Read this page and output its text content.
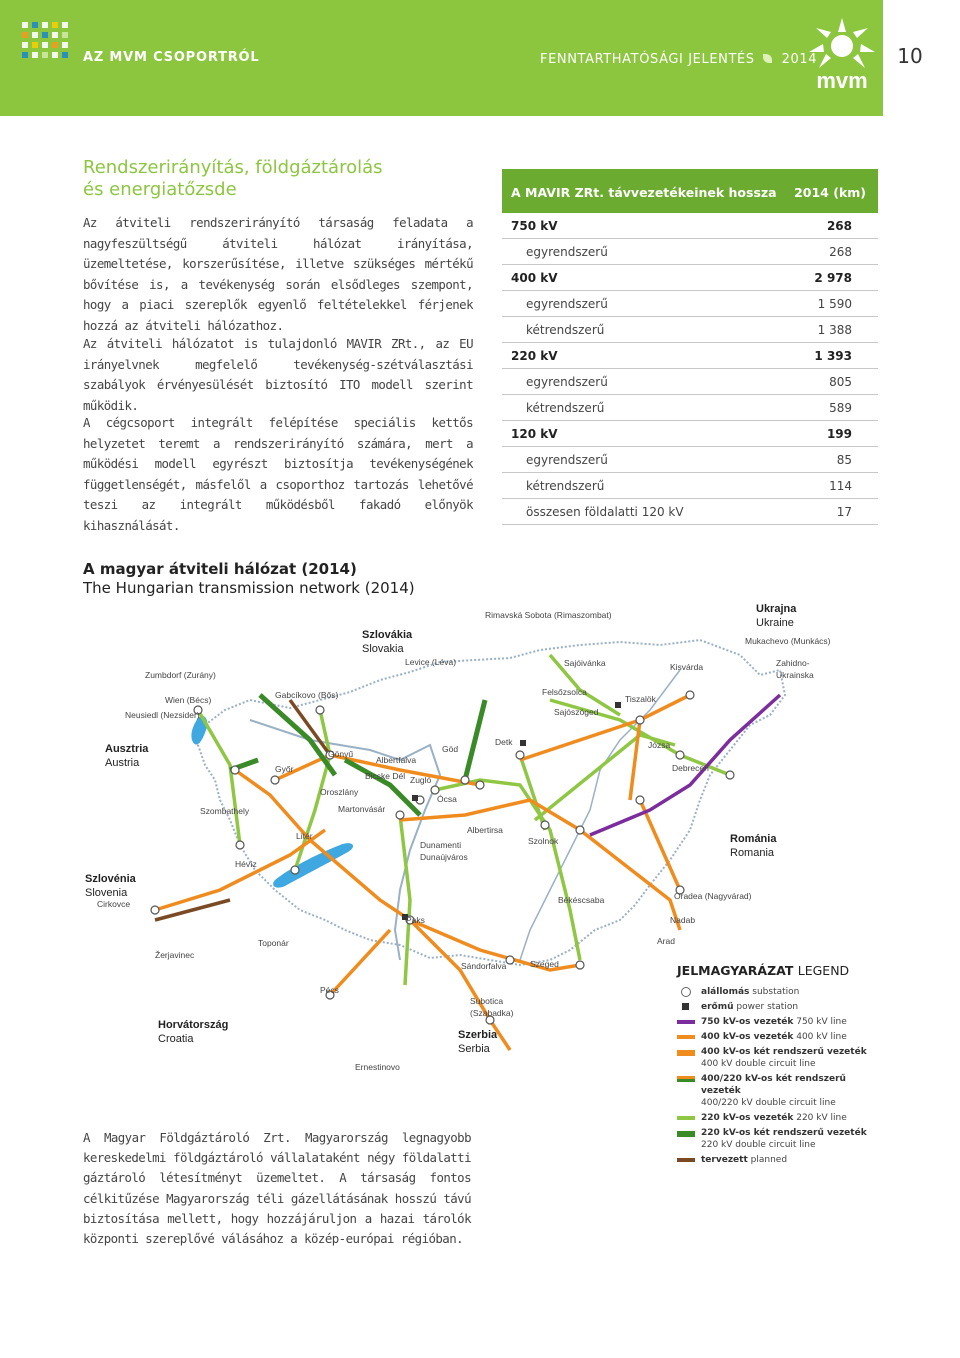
AZ MVM CSOPORTRÓL	FENNTARTHATÓSÁGI JELENTÉS 2014
mvm
10
Rendszerirányítás, földgáztárolás
és energiatőzsde
Az átviteli rendszerirányító társaság feladata a nagyfeszültségű átviteli hálózat irányítása, üzemeltetése, korszerűsítése, illetve szükséges mértékű bővítése is, a tevékenység során elsődleges szempont, hogy a piaci szereplők egyenlő feltételekkel férjenek hozzá az átviteli hálózathoz.
Az átviteli hálózatot is tulajdonló MAVIR ZRt., az EU irányelvnek megfelelő tevékenység-szétválasztási szabályok érvényesülését biztosító ITO modell szerint működik.
A cégcsoport integrált felépítése speciális kettős helyzetet teremt a rendszerirányító számára, mert a működési modell egyrészt biztosítja tevékenységének függetlenségét, másfelől a csoporthoz tartozás lehetővé teszi az integrált működésből fakadó előnyök kihasználását.
A MAVIR ZRt. távvezetékeinek hossza 2014 (km)
750 kV	268
egyrendszerű	268
400 kV	2 978
egyrendszerű	1 590
kétrendszerű	1 388
220 kV	1 393
egyrendszerű	805
kétrendszerű	589
120 kV	199
egyrendszerű	85
kétrendszerű	114
összesen földalatti 120 kV	17
A magyar átviteli hálózat (2014)
The Hungarian transmission network (2014)
Rimavská Sobota (Rimaszombat)
Mukachevo (Munkács)
Levice (Léva)
Zumbdorf (Zurány)
Sajóivánka	Kisvárda	Zahidno-
Ukrainska
Wien (Bécs)
Neusiedl (Nezsider)
Gabcíkovo (Bős)	Felsőzsolca
Tiszalök
Sajószöged
Göd
Detk	Józsa
Gönyű
Győr
Albertfalva
Debrecen
Bicske Dél Zugló
Oroszlány
Ócsa
Szombathely	Martonvásár
Albertirsa
Litér	Szolnok
Dunamenti
Dunaújváros
Hévíz
Cirkovce	Békéscsaba	Oradea (Nagyvárad)
Nadab
Paks
Toponár	Arad
Žerjavinec
Sándorfalva	Szeged
Pécs
Subotica
(Szabadka)
Ernestinovo
Szlovákia
Slovakia
Ukrajna
Ukraine
Ausztria
Austria
Románia
Romania
Szlovénia
Slovenia
Horvátország
Croatia	Szerbia
Serbia
JELMAGYARÁZAT LEGEND
alállomás substation
erőmű power station
750 kV-os vezeték 750 kV line
400 kV-os vezeték 400 kV line
400 kV-os két rendszerű vezeték
400 kV double circuit line
400/220 kV-os két rendszerű vezeték
400/220 kV double circuit line
220 kV-os vezeték 220 kV line
220 kV-os két rendszerű vezeték
220 kV double circuit line
tervezett planned
A Magyar Földgáztároló Zrt. Magyarország legnagyobb kereskedelmi földgáztároló vállalataként négy földalatti gáztároló létesítményt üzemeltet. A társaság fontos célkitűzése Magyarország téli gázellátásának hosszú távú biztosítása mellett, hogy hozzájáruljon a hazai tárolók központi szereplővé válásához a közép-európai régióban.
